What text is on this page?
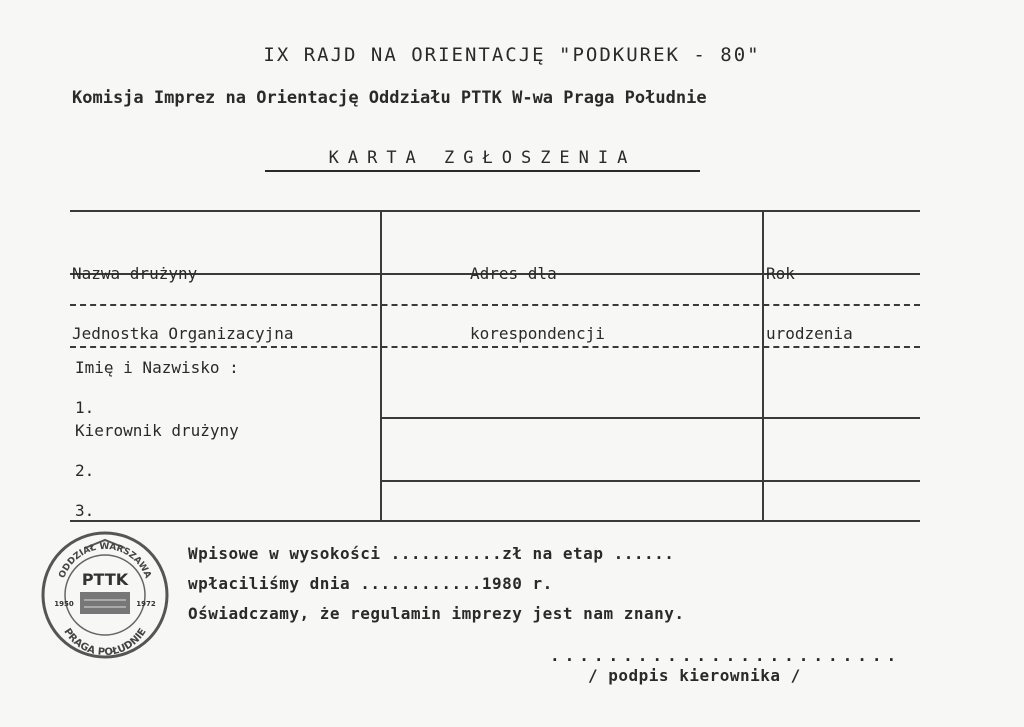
IX RAJD NA ORIENTACJĘ "PODKUREK - 80"
Komisja Imprez na Orientację Oddziału PTTK W-wa Praga Południe
KARTA ZGŁOSZENIA

Nazwa drużyny

Jednostka Organizacyjna

Adres dla

korespondencji

Rok

urodzenia

Imię i Nazwisko :
1.
Kierownik drużyny
2.
3.
ODDZIAŁ WARSZAWA
PTTK
1950	1972
PRAGA POŁUDNIE
Wpisowe w wysokości ...........zł na etap ......
wpłaciliśmy dnia ............1980 r.
Oświadczamy, że regulamin imprezy jest nam znany.
........................
/ podpis kierownika /
